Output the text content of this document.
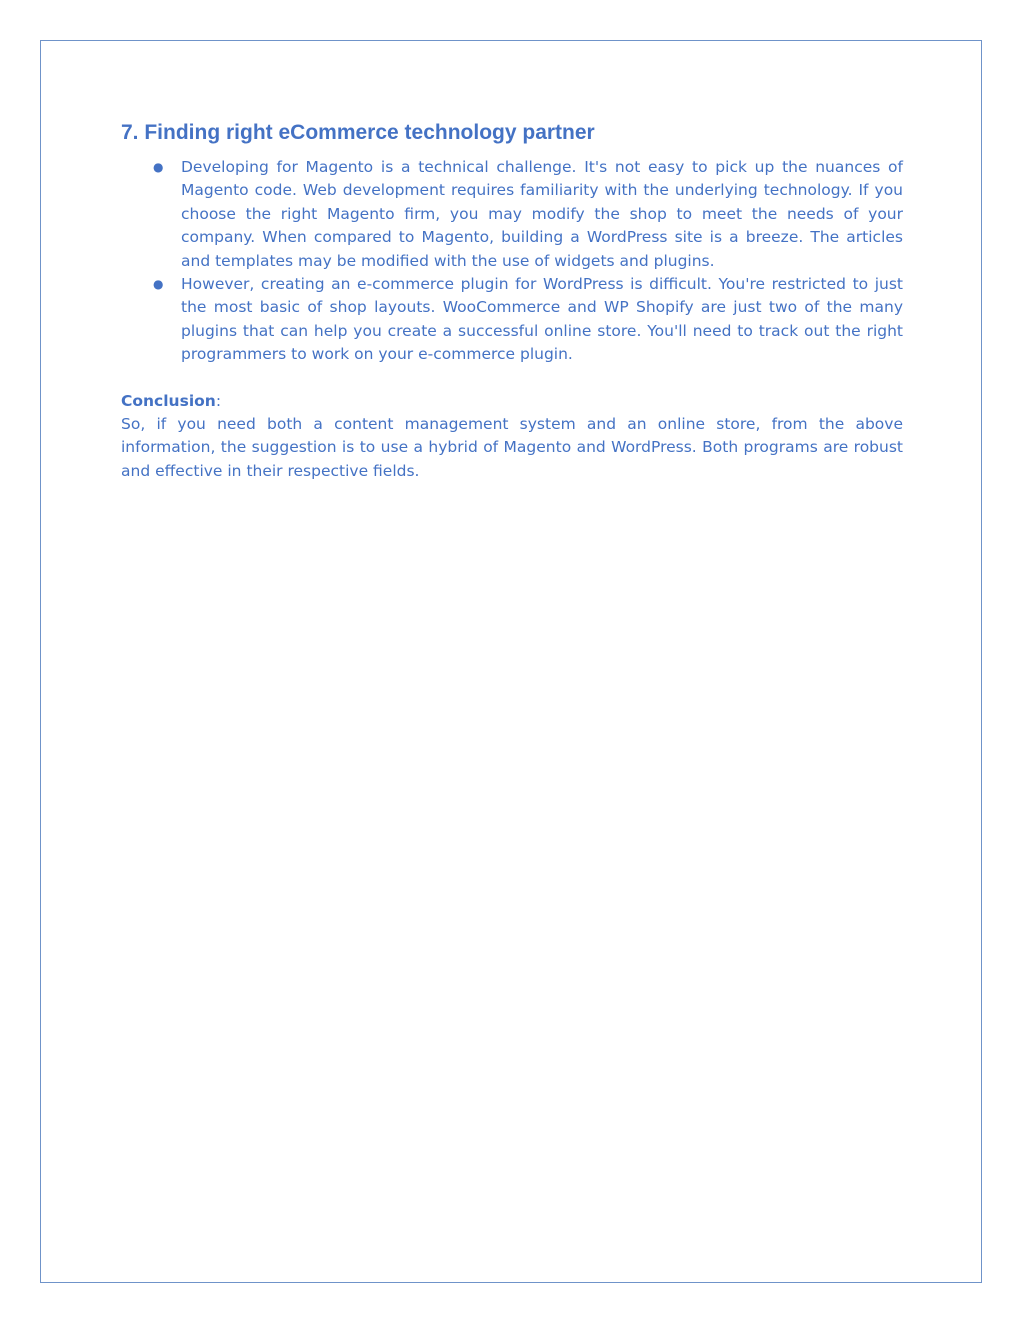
7. Finding right eCommerce technology partner
● Developing for Magento is a technical challenge. It's not easy to pick up the nuances of Magento code. Web development requires familiarity with the underlying technology. If you choose the right Magento firm, you may modify the shop to meet the needs of your company. When compared to Magento, building a WordPress site is a breeze. The articles and templates may be modified with the use of widgets and plugins.
● However, creating an e-commerce plugin for WordPress is difficult. You're restricted to just the most basic of shop layouts. WooCommerce and WP Shopify are just two of the many plugins that can help you create a successful online store. You'll need to track out the right programmers to work on your e-commerce plugin.
Conclusion:

So, if you need both a content management system and an online store, from the above information, the suggestion is to use a hybrid of Magento and WordPress. Both programs are robust and effective in their respective fields.
